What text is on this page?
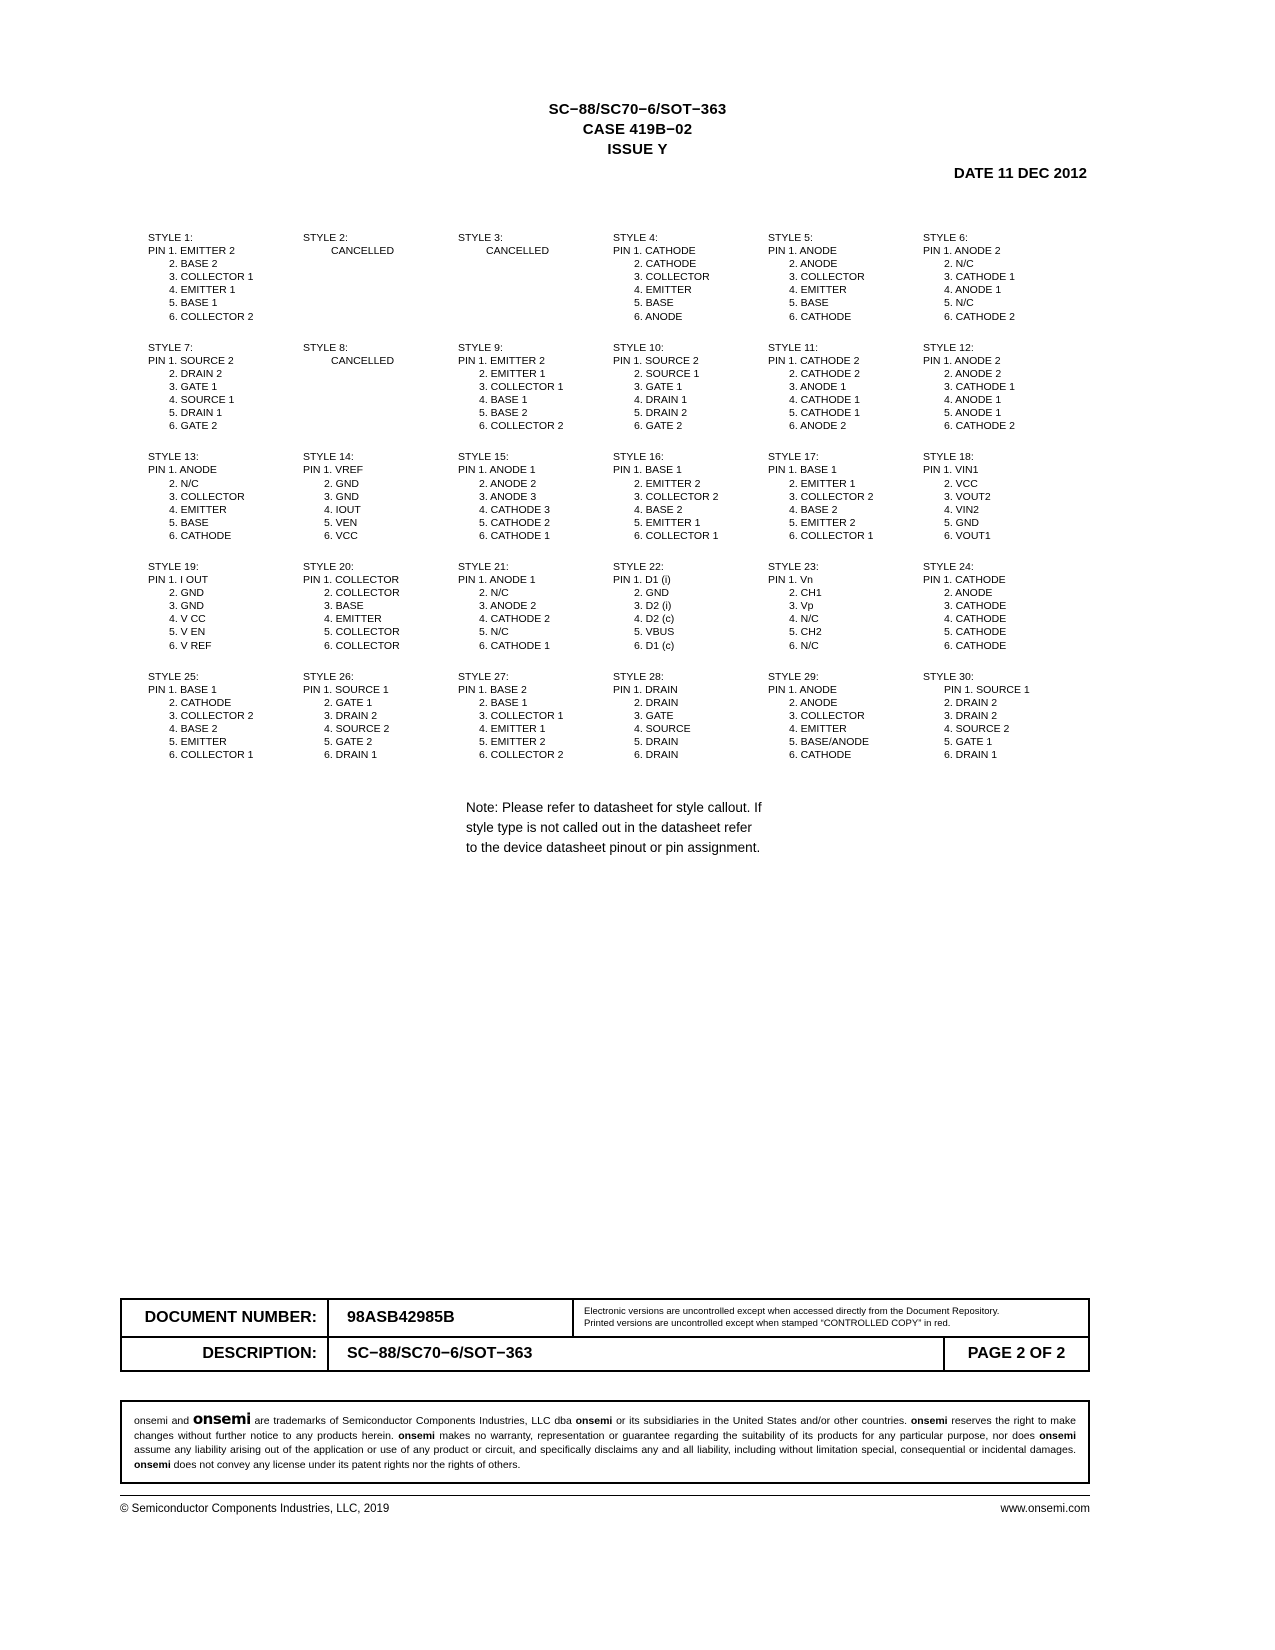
SC−88/SC70−6/SOT−363
CASE 419B−02
ISSUE Y
DATE 11 DEC 2012
STYLE 1:
PIN 1. EMITTER 2
2. BASE 2
3. COLLECTOR 1
4. EMITTER 1
5. BASE 1
6. COLLECTOR 2
STYLE 2:
CANCELLED
STYLE 3:
CANCELLED
STYLE 4:
PIN 1. CATHODE
2. CATHODE
3. COLLECTOR
4. EMITTER
5. BASE
6. ANODE
STYLE 5:
PIN 1. ANODE
2. ANODE
3. COLLECTOR
4. EMITTER
5. BASE
6. CATHODE
STYLE 6:
PIN 1. ANODE 2
2. N/C
3. CATHODE 1
4. ANODE 1
5. N/C
6. CATHODE 2
STYLE 7:
PIN 1. SOURCE 2
2. DRAIN 2
3. GATE 1
4. SOURCE 1
5. DRAIN 1
6. GATE 2
STYLE 8:
CANCELLED
STYLE 9:
PIN 1. EMITTER 2
2. EMITTER 1
3. COLLECTOR 1
4. BASE 1
5. BASE 2
6. COLLECTOR 2
STYLE 10:
PIN 1. SOURCE 2
2. SOURCE 1
3. GATE 1
4. DRAIN 1
5. DRAIN 2
6. GATE 2
STYLE 11:
PIN 1. CATHODE 2
2. CATHODE 2
3. ANODE 1
4. CATHODE 1
5. CATHODE 1
6. ANODE 2
STYLE 12:
PIN 1. ANODE 2
2. ANODE 2
3. CATHODE 1
4. ANODE 1
5. ANODE 1
6. CATHODE 2
STYLE 13:
PIN 1. ANODE
2. N/C
3. COLLECTOR
4. EMITTER
5. BASE
6. CATHODE
STYLE 14:
PIN 1. VREF
2. GND
3. GND
4. IOUT
5. VEN
6. VCC
STYLE 15:
PIN 1. ANODE 1
2. ANODE 2
3. ANODE 3
4. CATHODE 3
5. CATHODE 2
6. CATHODE 1
STYLE 16:
PIN 1. BASE 1
2. EMITTER 2
3. COLLECTOR 2
4. BASE 2
5. EMITTER 1
6. COLLECTOR 1
STYLE 17:
PIN 1. BASE 1
2. EMITTER 1
3. COLLECTOR 2
4. BASE 2
5. EMITTER 2
6. COLLECTOR 1
STYLE 18:
PIN 1. VIN1
2. VCC
3. VOUT2
4. VIN2
5. GND
6. VOUT1
STYLE 19:
PIN 1. I OUT
2. GND
3. GND
4. V CC
5. V EN
6. V REF
STYLE 20:
PIN 1. COLLECTOR
2. COLLECTOR
3. BASE
4. EMITTER
5. COLLECTOR
6. COLLECTOR
STYLE 21:
PIN 1. ANODE 1
2. N/C
3. ANODE 2
4. CATHODE 2
5. N/C
6. CATHODE 1
STYLE 22:
PIN 1. D1 (i)
2. GND
3. D2 (i)
4. D2 (c)
5. VBUS
6. D1 (c)
STYLE 23:
PIN 1. Vn
2. CH1
3. Vp
4. N/C
5. CH2
6. N/C
STYLE 24:
PIN 1. CATHODE
2. ANODE
3. CATHODE
4. CATHODE
5. CATHODE
6. CATHODE
STYLE 25:
PIN 1. BASE 1
2. CATHODE
3. COLLECTOR 2
4. BASE 2
5. EMITTER
6. COLLECTOR 1
STYLE 26:
PIN 1. SOURCE 1
2. GATE 1
3. DRAIN 2
4. SOURCE 2
5. GATE 2
6. DRAIN 1
STYLE 27:
PIN 1. BASE 2
2. BASE 1
3. COLLECTOR 1
4. EMITTER 1
5. EMITTER 2
6. COLLECTOR 2
STYLE 28:
PIN 1. DRAIN
2. DRAIN
3. GATE
4. SOURCE
5. DRAIN
6. DRAIN
STYLE 29:
PIN 1. ANODE
2. ANODE
3. COLLECTOR
4. EMITTER
5. BASE/ANODE
6. CATHODE
STYLE 30:
PIN 1. SOURCE 1
2. DRAIN 2
3. DRAIN 2
4. SOURCE 2
5. GATE 1
6. DRAIN 1
Note: Please refer to datasheet for style callout. If style type is not called out in the datasheet refer to the device datasheet pinout or pin assignment.
DOCUMENT NUMBER:	98ASB42985B	Electronic versions are uncontrolled except when accessed directly from the Document Repository.
Printed versions are uncontrolled except when stamped “CONTROLLED COPY” in red.
DESCRIPTION:	SC−88/SC70−6/SOT−363	PAGE 2 OF 2
onsemi and onsemi are trademarks of Semiconductor Components Industries, LLC dba onsemi or its subsidiaries in the United States and/or other countries. onsemi reserves the right to make changes without further notice to any products herein. onsemi makes no warranty, representation or guarantee regarding the suitability of its products for any particular purpose, nor does onsemi assume any liability arising out of the application or use of any product or circuit, and specifically disclaims any and all liability, including without limitation special, consequential or incidental damages. onsemi does not convey any license under its patent rights nor the rights of others.
© Semiconductor Components Industries, LLC, 2019	www.onsemi.com
